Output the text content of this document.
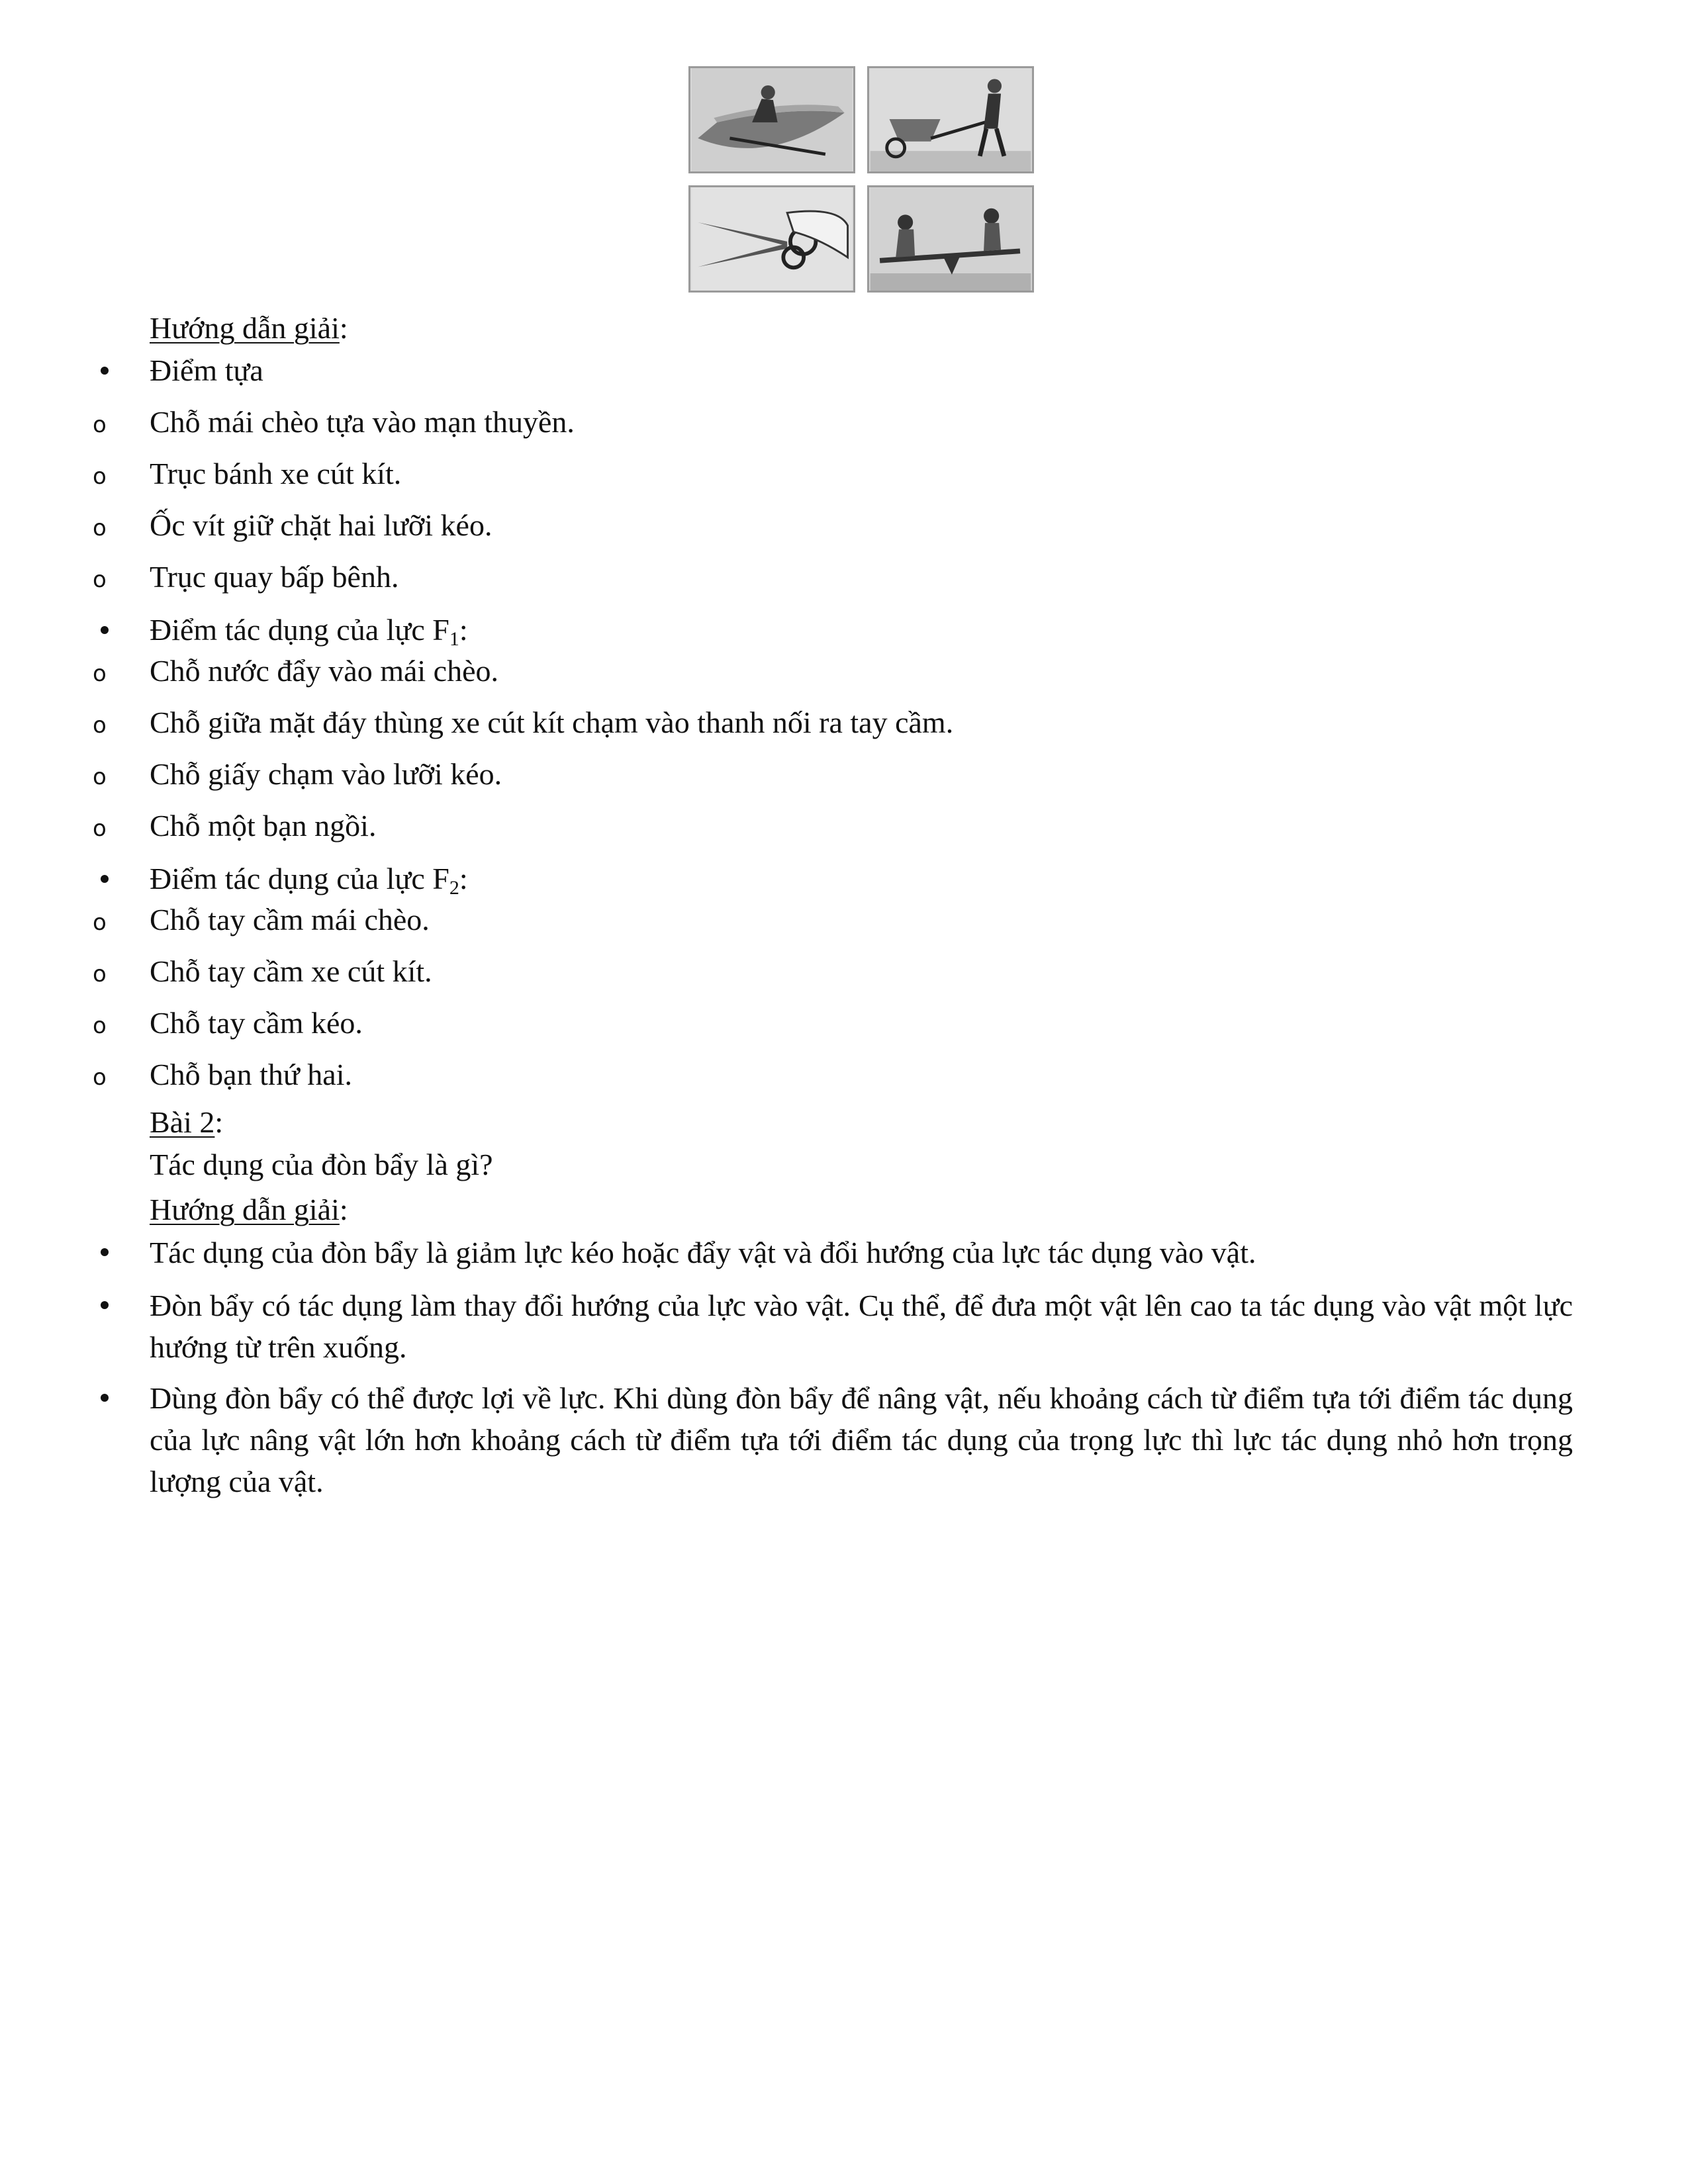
Hướng dẫn giải:
Điểm tựa
o Chỗ mái chèo tựa vào mạn thuyền.
o Trục bánh xe cút kít.
o Ốc vít giữ chặt hai lưỡi kéo.
o Trục quay bấp bênh.
Điểm tác dụng của lực $F_1$:
o Chỗ nước đẩy vào mái chèo.
o Chỗ giữa mặt đáy thùng xe cút kít chạm vào thanh nối ra tay cầm.
o Chỗ giấy chạm vào lưỡi kéo.
o Chỗ một bạn ngồi.
Điểm tác dụng của lực $F_2$:
o Chỗ tay cầm mái chèo.
o Chỗ tay cầm xe cút kít.
o Chỗ tay cầm kéo.
o Chỗ bạn thứ hai.
Bài 2:
Tác dụng của đòn bẩy là gì?
Hướng dẫn giải:
Tác dụng của đòn bẩy là giảm lực kéo hoặc đẩy vật và đổi hướng của lực tác dụng vào vật.
Đòn bẩy có tác dụng làm thay đổi hướng của lực vào vật. Cụ thể, để đưa một vật lên cao ta tác dụng vào vật một lực hướng từ trên xuống.
Dùng đòn bẩy có thể được lợi về lực. Khi dùng đòn bẩy để nâng vật, nếu khoảng cách từ điểm tựa tới điểm tác dụng của lực nâng vật lớn hơn khoảng cách từ điểm tựa tới điểm tác dụng của trọng lực thì lực tác dụng nhỏ hơn trọng lượng của vật.
